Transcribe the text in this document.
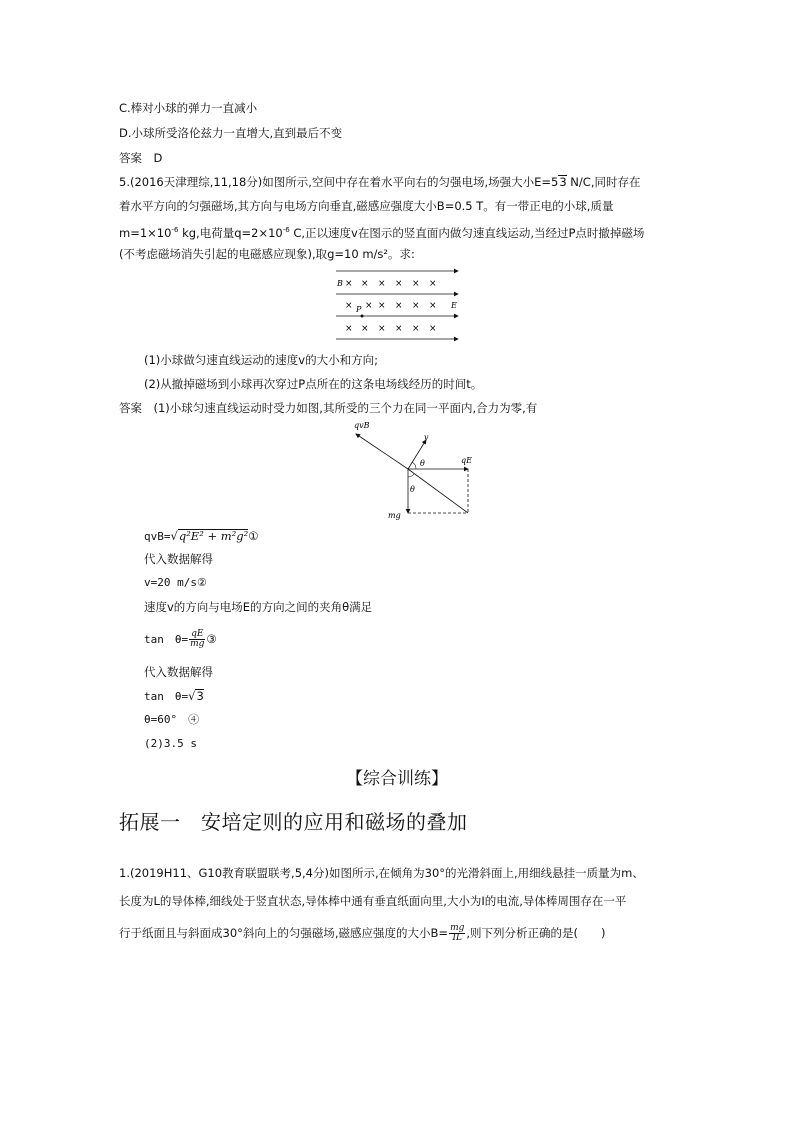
C.棒对小球的弹力一直减小
D.小球所受洛伦兹力一直增大,直到最后不变
答案　D
5.(2016天津理综,11,18分)如图所示,空间中存在着水平向右的匀强电场,场强大小E=53 N/C,同时存在
着水平方向的匀强磁场,其方向与电场方向垂直,磁感应强度大小B=0.5 T。有一带正电的小球,质量
$m=1\times 10^{-6}$ kg,电荷量$q=2\times 10^{-6}$ C,正以速度v在图示的竖直面内做匀速直线运动,当经过P点时撤掉磁场
(不考虑磁场消失引起的电磁感应现象),取g=10 m/s²。求:
B × × × × × ×
× × × × × ×
P	E
× × × × × ×
(1)小球做匀速直线运动的速度v的大小和方向;
(2)从撤掉磁场到小球再次穿过P点所在的这条电场线经历的时间t。
答案　(1)小球匀速直线运动时受力如图,其所受的三个力在同一平面内,合力为零,有
qvB
v
qE
mg
θ
θ
qvB=√q²E² + m²g²①
代入数据解得
v=20 m/s②
速度v的方向与电场E的方向之间的夹角θ满足
tan　$\theta= \frac{qE}{mg}$ ③
代入数据解得
tan　θ=√3
θ=60°　④
(2)3.5 s
【综合训练】
拓展一　安培定则的应用和磁场的叠加
1.(2019H11、G10教育联盟联考,5,4分)如图所示,在倾角为30°的光滑斜面上,用细线悬挂一质量为m、
长度为L的导体棒,细线处于竖直状态,导体棒中通有垂直纸面向里,大小为I的电流,导体棒周围存在一平
行于纸面且与斜面成30°斜向上的匀强磁场,磁感应强度的大小$B= \frac{mg}{IL}$ ,则下列分析正确的是(　　)
